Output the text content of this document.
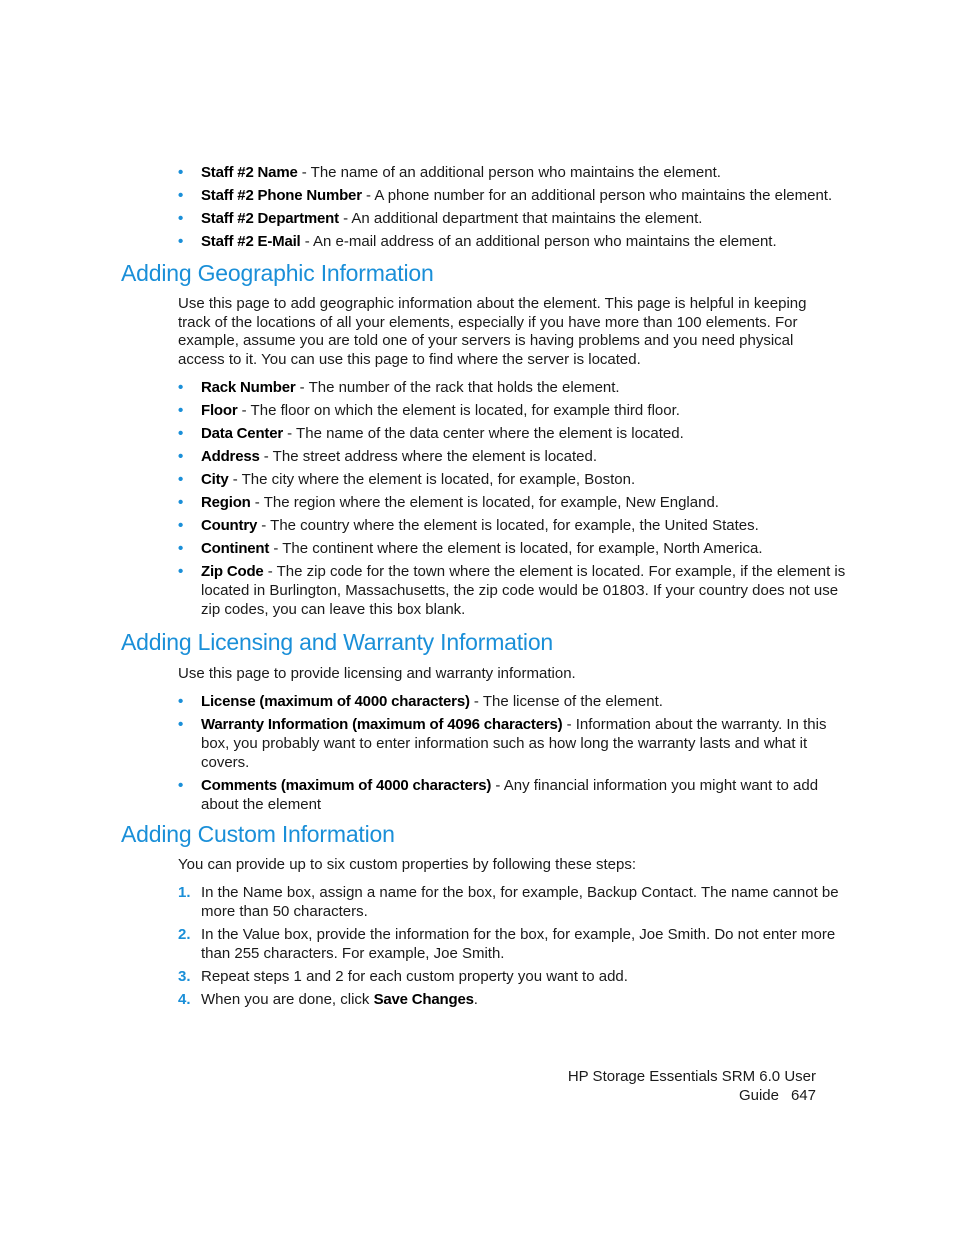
• Staff #2 Name - The name of an additional person who maintains the element.
• Staff #2 Phone Number - A phone number for an additional person who maintains the element.
• Staff #2 Department - An additional department that maintains the element.
• Staff #2 E-Mail - An e-mail address of an additional person who maintains the element.
Adding Geographic Information

Use this page to add geographic information about the element. This page is helpful in keeping track of the locations of all your elements, especially if you have more than 100 elements. For example, assume you are told one of your servers is having problems and you need physical access to it. You can use this page to find where the server is located.

• Rack Number - The number of the rack that holds the element.
• Floor - The floor on which the element is located, for example third floor.
• Data Center - The name of the data center where the element is located.
• Address - The street address where the element is located.
• City - The city where the element is located, for example, Boston.
• Region - The region where the element is located, for example, New England.
• Country - The country where the element is located, for example, the United States.
• Continent - The continent where the element is located, for example, North America.
• Zip Code - The zip code for the town where the element is located. For example, if the element is located in Burlington, Massachusetts, the zip code would be 01803. If your country does not use zip codes, you can leave this box blank.
Adding Licensing and Warranty Information

Use this page to provide licensing and warranty information.

• License (maximum of 4000 characters) - The license of the element.
• Warranty Information (maximum of 4096 characters) - Information about the warranty. In this box, you probably want to enter information such as how long the warranty lasts and what it covers.
• Comments (maximum of 4000 characters) - Any financial information you might want to add about the element
Adding Custom Information

You can provide up to six custom properties by following these steps:

1. In the Name box, assign a name for the box, for example, Backup Contact. The name cannot be more than 50 characters.
2. In the Value box, provide the information for the box, for example, Joe Smith. Do not enter more than 255 characters. For example, Joe Smith.
3. Repeat steps 1 and 2 for each custom property you want to add.
4. When you are done, click Save Changes.
HP Storage Essentials SRM 6.0 User Guide 647
